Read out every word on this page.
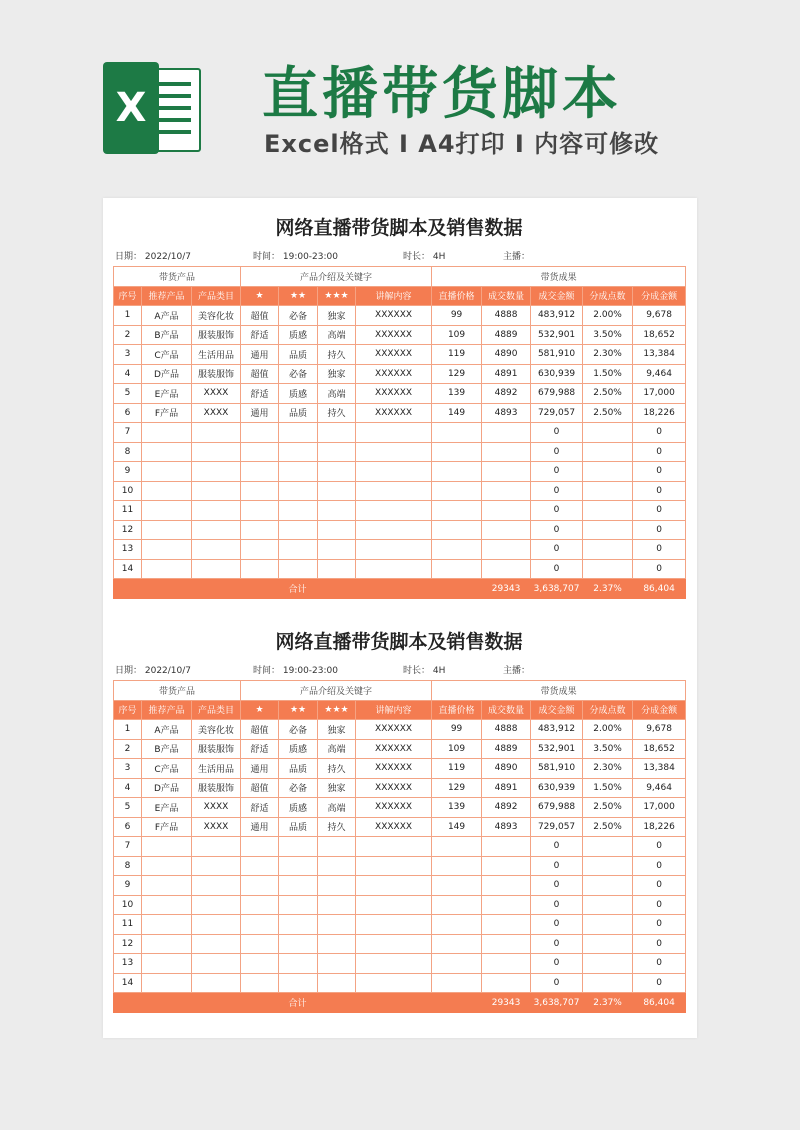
X 直播带货脚本
Excel格式 I A4打印 I 内容可修改
网络直播带货脚本及销售数据
日期： 2022/10/7	时间： 19:00-23:00	时长： 4H	主播：
带货产品			产品介绍及关键字				带货成果				
序号	推荐产品	产品类目	★	★★	★★★	讲解内容	直播价格	成交数量	成交金额	分成点数	分成金额
1	A产品	美容化妆	超值	必备	独家	XXXXXX	99	4888	483,912	2.00%	9,678
2	B产品	服装服饰	舒适	质感	高端	XXXXXX	109	4889	532,901	3.50%	18,652
3	C产品	生活用品	通用	品质	持久	XXXXXX	119	4890	581,910	2.30%	13,384
4	D产品	服装服饰	超值	必备	独家	XXXXXX	129	4891	630,939	1.50%	9,464
5	E产品	XXXX	舒适	质感	高端	XXXXXX	139	4892	679,988	2.50%	17,000
6	F产品	XXXX	通用	品质	持久	XXXXXX	149	4893	729,057	2.50%	18,226
7									0		0
8									0		0
9									0		0
10									0		0
11									0		0
12									0		0
13									0		0
14									0		0
合计								29343	3,638,707	2.37%	86,404
网络直播带货脚本及销售数据
日期： 2022/10/7	时间： 19:00-23:00	时长： 4H	主播：
带货产品			产品介绍及关键字				带货成果				
序号	推荐产品	产品类目	★	★★	★★★	讲解内容	直播价格	成交数量	成交金额	分成点数	分成金额
1	A产品	美容化妆	超值	必备	独家	XXXXXX	99	4888	483,912	2.00%	9,678
2	B产品	服装服饰	舒适	质感	高端	XXXXXX	109	4889	532,901	3.50%	18,652
3	C产品	生活用品	通用	品质	持久	XXXXXX	119	4890	581,910	2.30%	13,384
4	D产品	服装服饰	超值	必备	独家	XXXXXX	129	4891	630,939	1.50%	9,464
5	E产品	XXXX	舒适	质感	高端	XXXXXX	139	4892	679,988	2.50%	17,000
6	F产品	XXXX	通用	品质	持久	XXXXXX	149	4893	729,057	2.50%	18,226
7									0		0
8									0		0
9									0		0
10									0		0
11									0		0
12									0		0
13									0		0
14									0		0
合计								29343	3,638,707	2.37%	86,404
